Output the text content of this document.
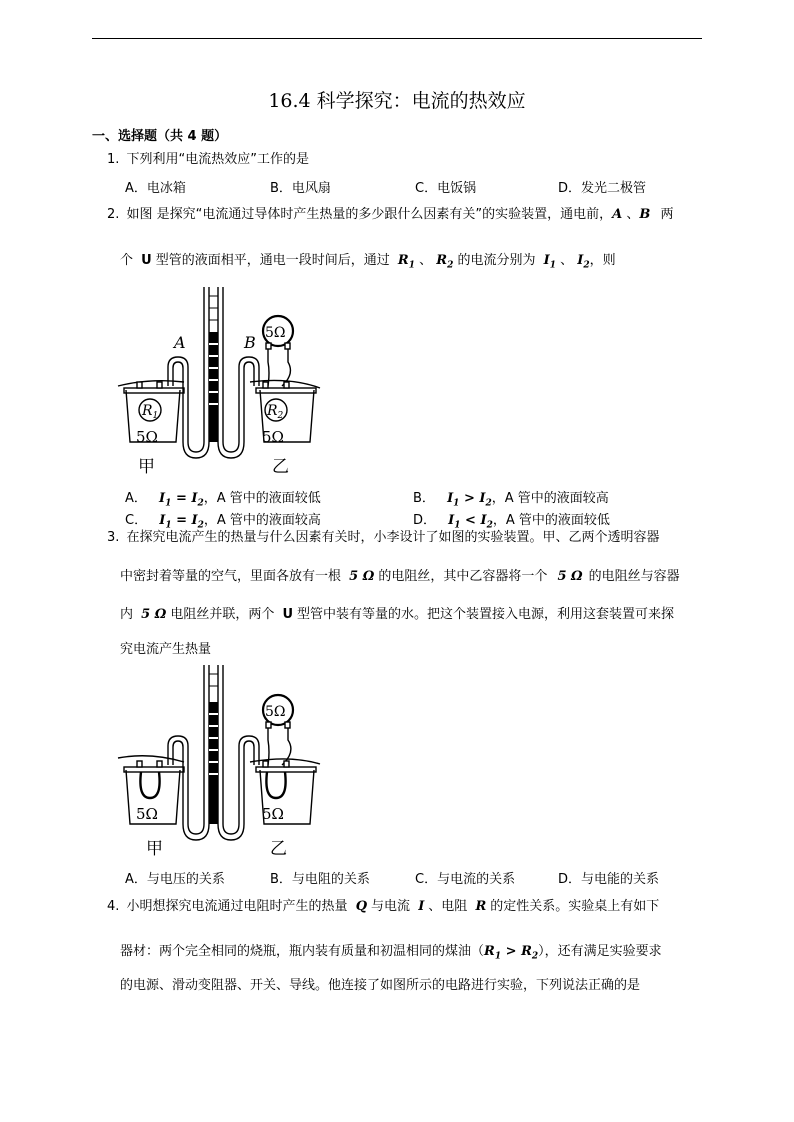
16.4 科学探究：电流的热效应
一、选择题（共 4 题）
1. 下列利用“电流热效应”工作的是
A．电冰箱	B．电风扇	C．电饭锅	D．发光二极管
2. 如图 是探究“电流通过导体时产生热量的多少跟什么因素有关”的实验装置，通电前，A 、B 两
个 U 型管的液面相平，通电一段时间后，通过 $R_1$ 、 $R_2$ 的电流分别为 $I_1$ 、 $I_2$，则
A	B 5Ω
$R_1$	$R_2$
5Ω	5Ω
甲	乙
A． $I_1 = I_2$，A 管中的液面较低	B． $I_1 > I_2$，A 管中的液面较高
C． $I_1 = I_2$，A 管中的液面较高	D． $I_1 < I_2$，A 管中的液面较低
3. 在探究电流产生的热量与什么因素有关时，小李设计了如图的实验装置。甲、乙两个透明容器
中密封着等量的空气，里面各放有一根 5 Ω 的电阻丝，其中乙容器将一个 5 Ω 的电阻丝与容器
内 5 Ω 电阻丝并联，两个 U 型管中装有等量的水。把这个装置接入电源，利用这套装置可来探
究电流产生热量
5Ω
5Ω	5Ω
甲	乙
A．与电压的关系	B．与电阻的关系	C．与电流的关系	D．与电能的关系
4. 小明想探究电流通过电阻时产生的热量 Q 与电流 I 、电阻 R 的定性关系。实验桌上有如下
器材：两个完全相同的烧瓶，瓶内装有质量和初温相同的煤油$(R_1 > R_2)$，还有满足实验要求
的电源、滑动变阻器、开关、导线。他连接了如图所示的电路进行实验，下列说法正确的是
